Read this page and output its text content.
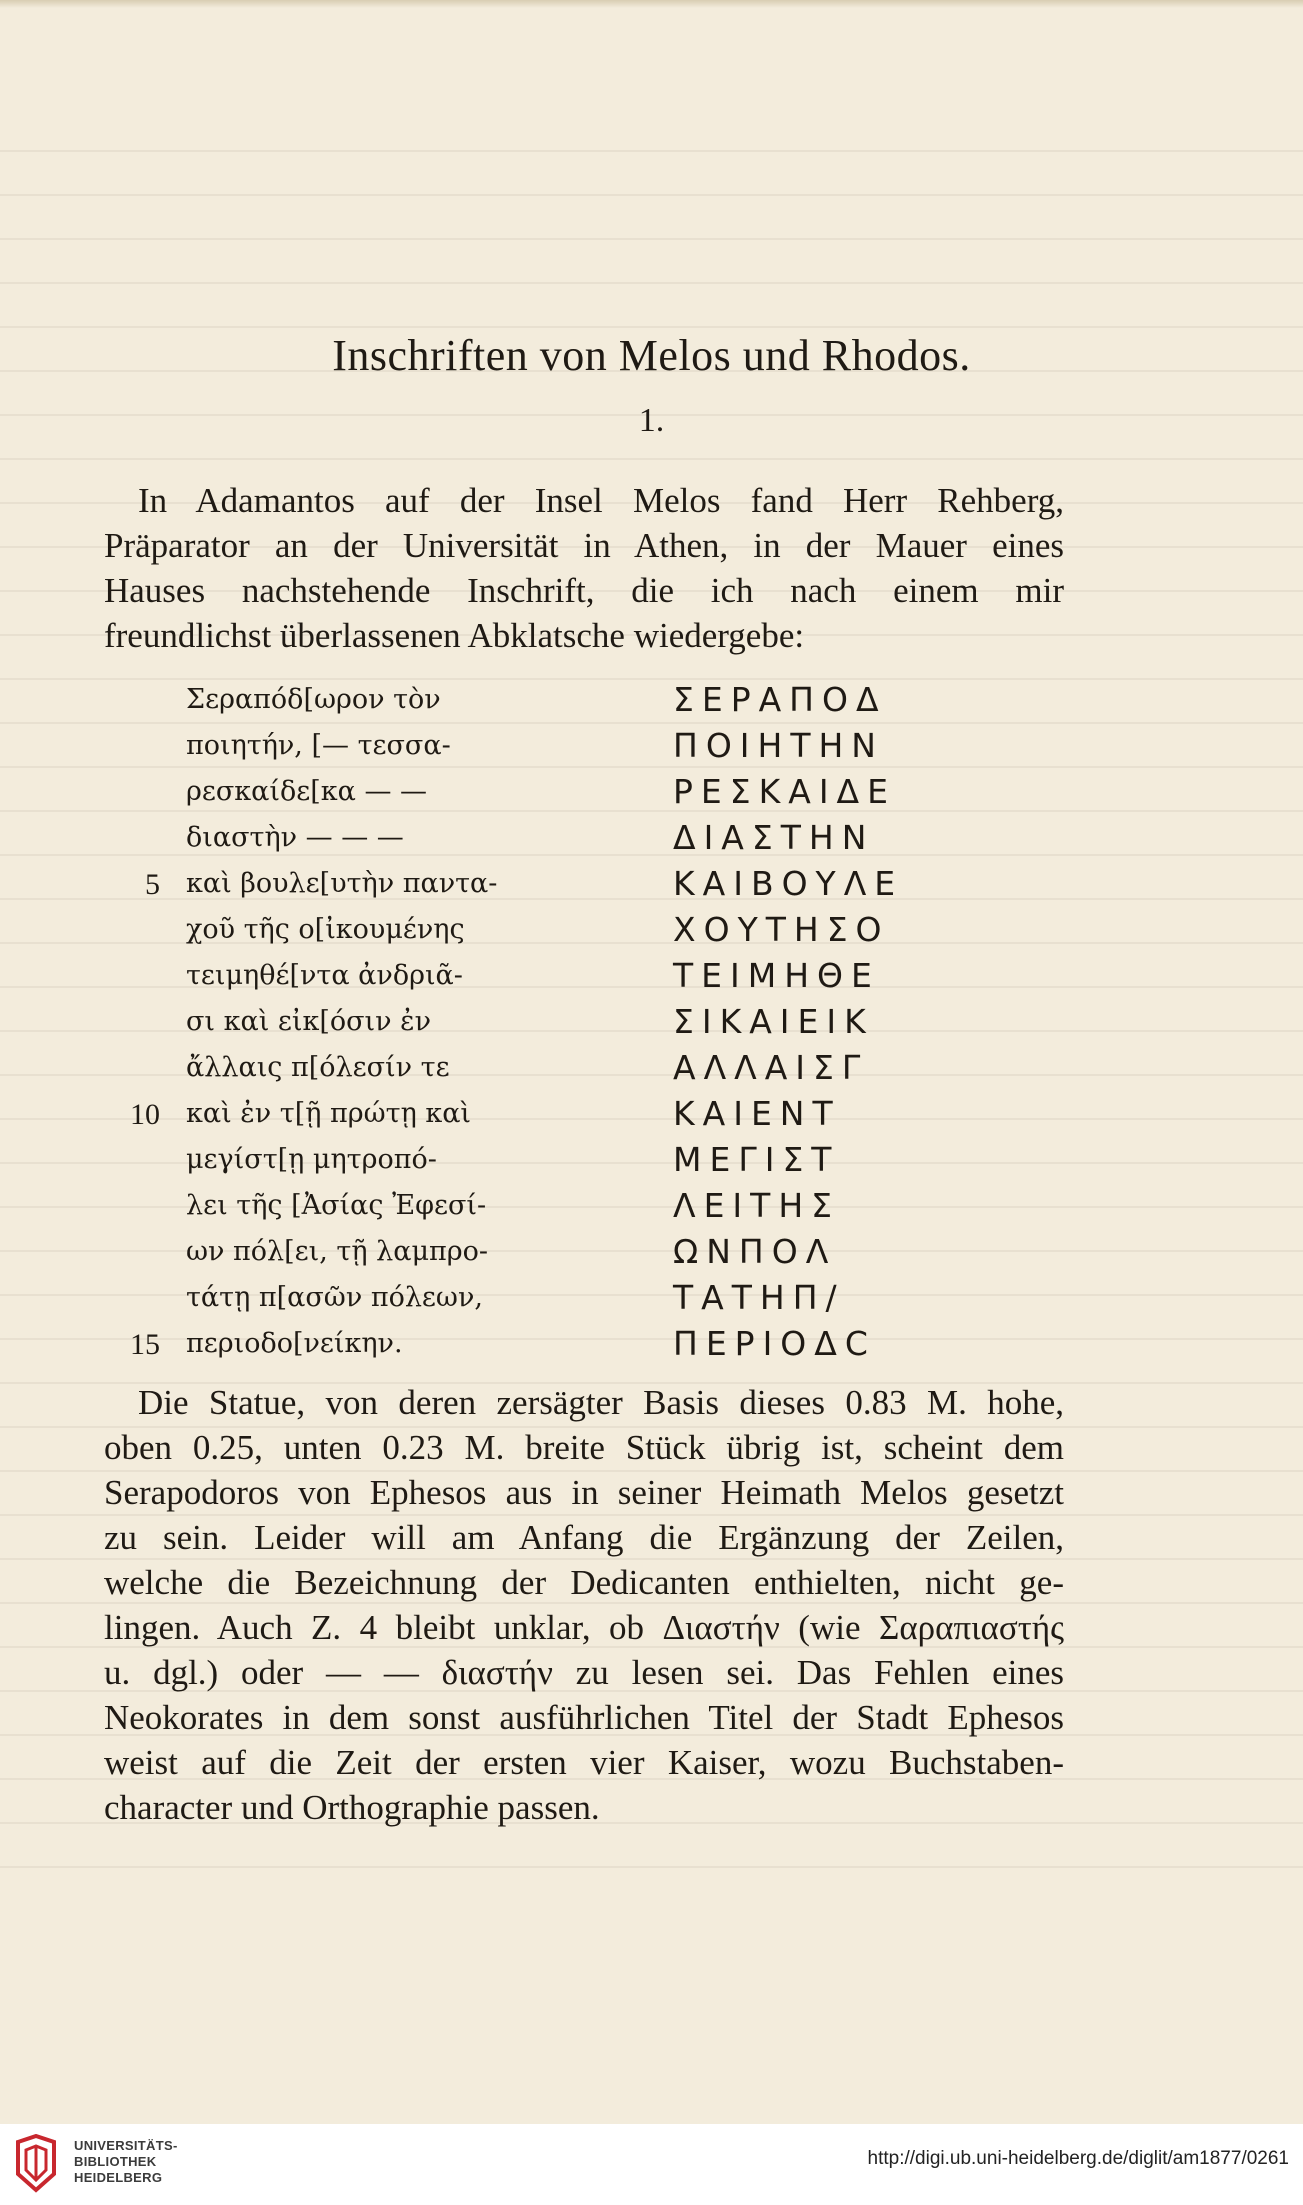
Inschriften von Melos und Rhodos.
1.
In Adamantos auf der Insel Melos fand Herr Rehberg,
Präparator an der Universität in Athen, in der Mauer eines
Hauses nachstehende Inschrift, die ich nach einem mir
freundlichst überlassenen Abklatsche wiedergebe:
Σεραπόδ[ωρον τὸν	ΣΕΡΑΠΟΔ
ποιητήν, [— τεσσα-	ΠΟΙΗΤΗΝ
ρεσκαίδε[κα — —	ΡΕΣΚΑΙΔΕ
διαστὴν — — —	ΔΙΑΣΤΗΝ
5 καὶ βουλε[υτὴν παντα-	ΚΑΙΒΟΥΛΕ
χοῦ τῆς ο[ἰκουμένης	ΧΟΥΤΗΣΟ
τειμηθέ[ντα ἀνδριᾶ-	ΤΕΙΜΗΘΕ
σι καὶ εἰκ[όσιν ἐν	ΣΙΚΑΙΕΙΚ
ἄλλαις π[όλεσίν τε	ΑΛΛΑΙΣΓ
10 καὶ ἐν τ[ῇ πρώτῃ καὶ	ΚΑΙΕΝΤ
μεγίστ[ῃ μητροπό-	ΜΕΓΙΣΤ
λει τῆς [Ἀσίας Ἐφεσί-	ΛΕΙΤΗΣ
ων πόλ[ει, τῇ λαμπρο-	ΩΝΠΟΛ
τάτῃ π[ασῶν πόλεων,	ΤΑΤΗΠ/
15 περιοδο[νείκην.	ΠΕΡΙΟΔC
Die Statue, von deren zersägter Basis dieses 0.83 M. hohe,
oben 0.25, unten 0.23 M. breite Stück übrig ist, scheint dem
Serapodoros von Ephesos aus in seiner Heimath Melos gesetzt
zu sein. Leider will am Anfang die Ergänzung der Zeilen,
welche die Bezeichnung der Dedicanten enthielten, nicht ge-
lingen. Auch Z. 4 bleibt unklar, ob Διαστήν (wie Σαραπιαστής
u. dgl.) oder — — διαστήν zu lesen sei. Das Fehlen eines
Neokorates in dem sonst ausführlichen Titel der Stadt Ephesos
weist auf die Zeit der ersten vier Kaiser, wozu Buchstaben-
character und Orthographie passen.
UNIVERSITÄTS-
BIBLIOTHEK
HEIDELBERG
http://digi.ub.uni-heidelberg.de/diglit/am1877/0261
